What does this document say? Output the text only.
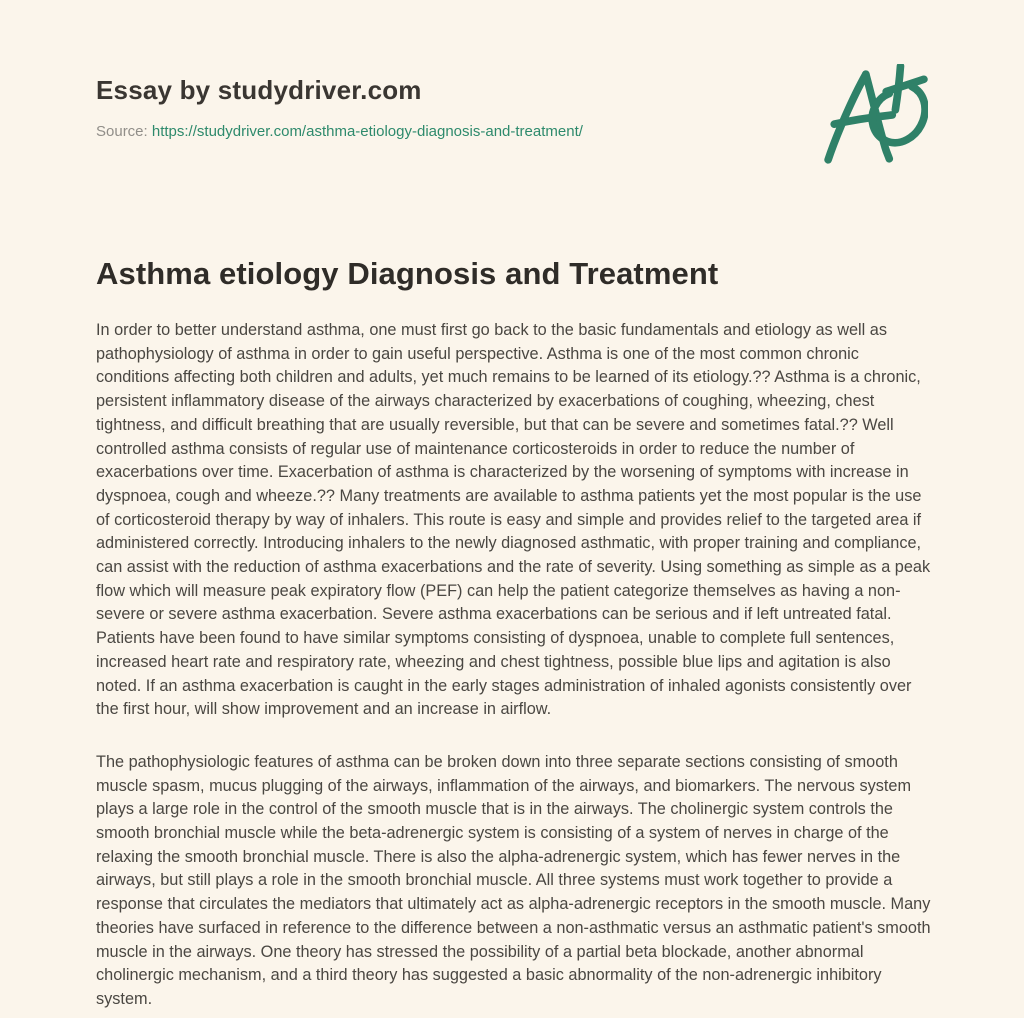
Essay by studydriver.com
Source: https://studydriver.com/asthma-etiology-diagnosis-and-treatment/
Asthma etiology Diagnosis and Treatment

In order to better understand asthma, one must first go back to the basic fundamentals and etiology as well as pathophysiology of asthma in order to gain useful perspective. Asthma is one of the most common chronic conditions affecting both children and adults, yet much remains to be learned of its etiology.?? Asthma is a chronic, persistent inflammatory disease of the airways characterized by exacerbations of coughing, wheezing, chest tightness, and difficult breathing that are usually reversible, but that can be severe and sometimes fatal.?? Well controlled asthma consists of regular use of maintenance corticosteroids in order to reduce the number of exacerbations over time. Exacerbation of asthma is characterized by the worsening of symptoms with increase in dyspnoea, cough and wheeze.?? Many treatments are available to asthma patients yet the most popular is the use of corticosteroid therapy by way of inhalers. This route is easy and simple and provides relief to the targeted area if administered correctly. Introducing inhalers to the newly diagnosed asthmatic, with proper training and compliance, can assist with the reduction of asthma exacerbations and the rate of severity. Using something as simple as a peak flow which will measure peak expiratory flow (PEF) can help the patient categorize themselves as having a non-severe or severe asthma exacerbation. Severe asthma exacerbations can be serious and if left untreated fatal. Patients have been found to have similar symptoms consisting of dyspnoea, unable to complete full sentences, increased heart rate and respiratory rate, wheezing and chest tightness, possible blue lips and agitation is also noted. If an asthma exacerbation is caught in the early stages administration of inhaled agonists consistently over the first hour, will show improvement and an increase in airflow.

The pathophysiologic features of asthma can be broken down into three separate sections consisting of smooth muscle spasm, mucus plugging of the airways, inflammation of the airways, and biomarkers. The nervous system plays a large role in the control of the smooth muscle that is in the airways. The cholinergic system controls the smooth bronchial muscle while the beta-adrenergic system is consisting of a system of nerves in charge of the relaxing the smooth bronchial muscle. There is also the alpha-adrenergic system, which has fewer nerves in the airways, but still plays a role in the smooth bronchial muscle. All three systems must work together to provide a response that circulates the mediators that ultimately act as alpha-adrenergic receptors in the smooth muscle. Many theories have surfaced in reference to the difference between a non-asthmatic versus an asthmatic patient's smooth muscle in the airways. One theory has stressed the possibility of a partial beta blockade, another abnormal cholinergic mechanism, and a third theory has suggested a basic abnormality of the non-adrenergic inhibitory system.
